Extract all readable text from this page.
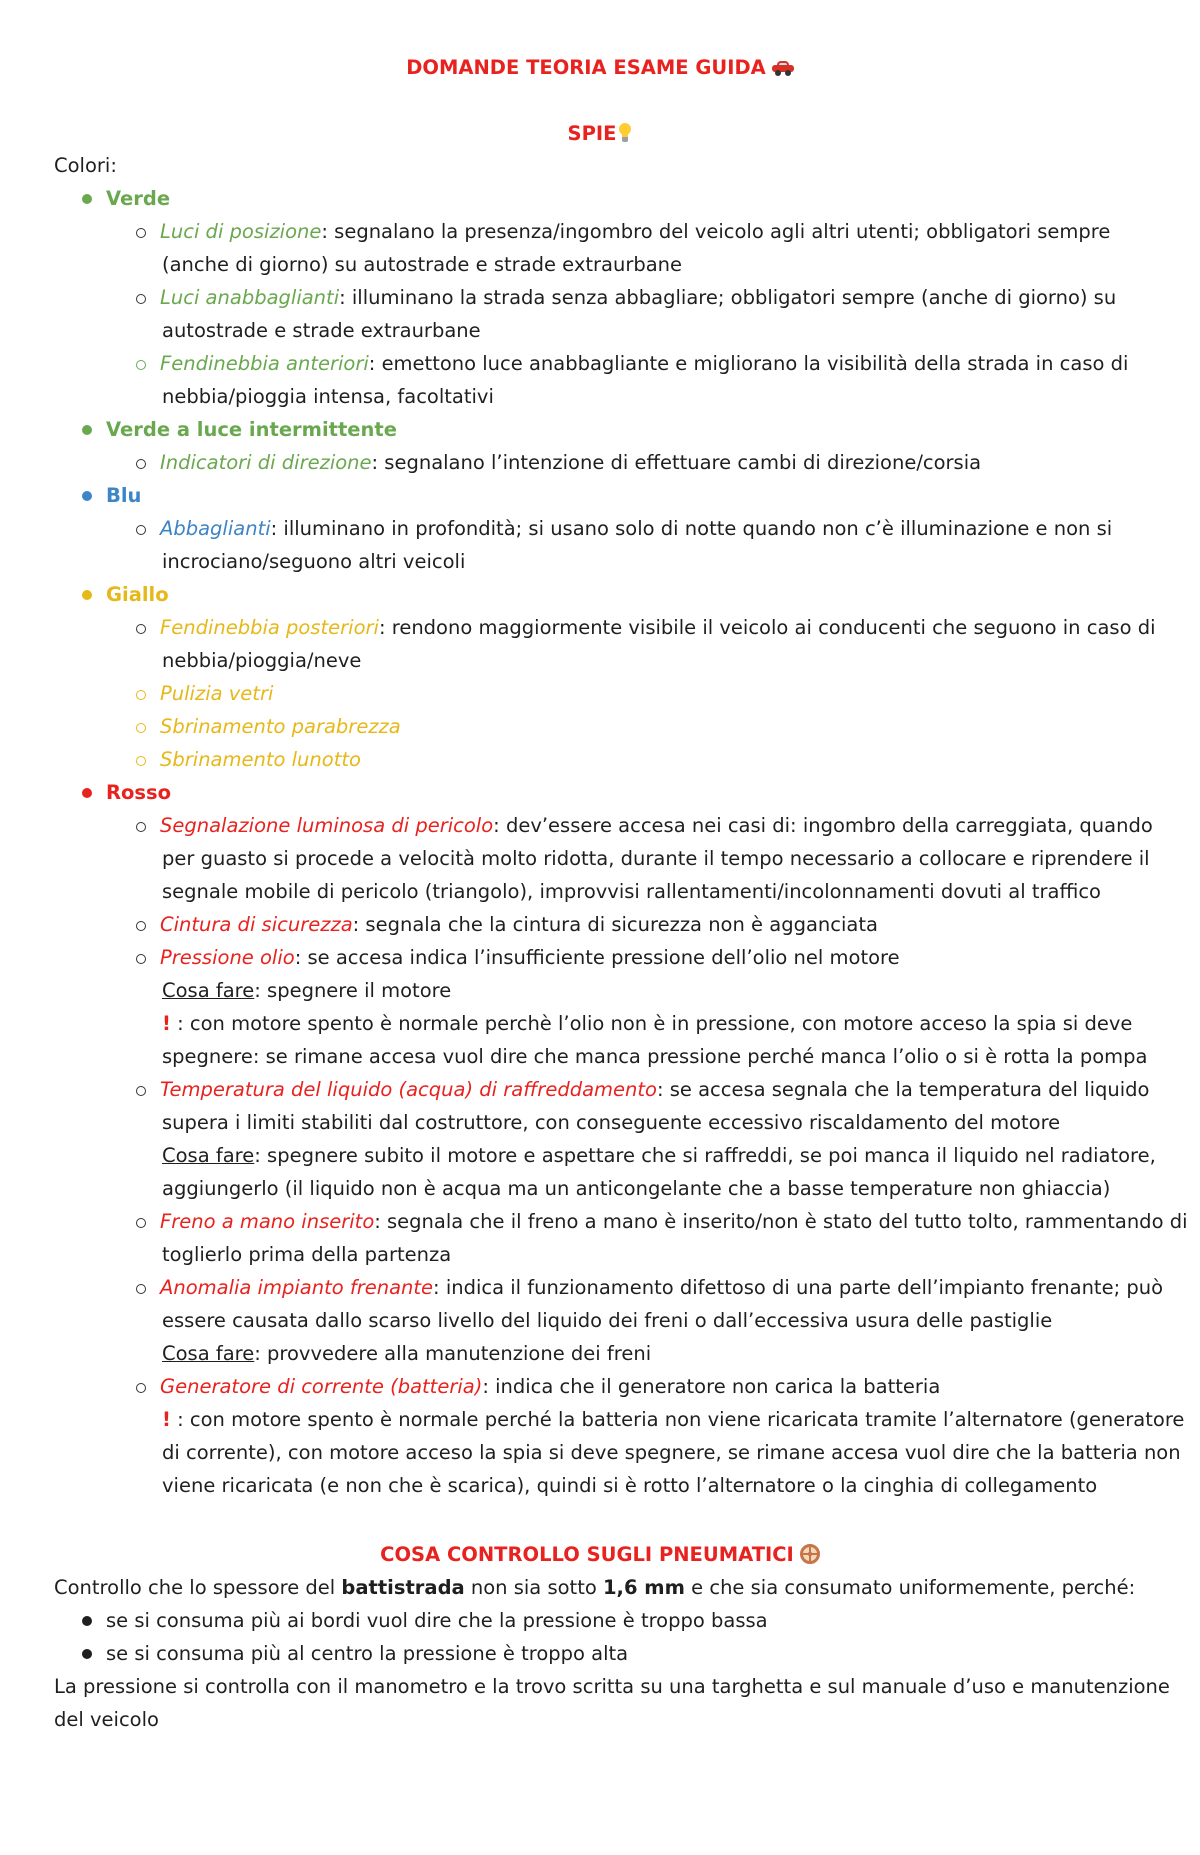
DOMANDE TEORIA ESAME GUIDA
SPIE
Colori:
Verde
Luci di posizione: segnalano la presenza/ingombro del veicolo agli altri utenti; obbligatori sempre
(anche di giorno) su autostrade e strade extraurbane
Luci anabbaglianti: illuminano la strada senza abbagliare; obbligatori sempre (anche di giorno) su
autostrade e strade extraurbane
Fendinebbia anteriori: emettono luce anabbagliante e migliorano la visibilità della strada in caso di
nebbia/pioggia intensa, facoltativi
Verde a luce intermittente
Indicatori di direzione: segnalano l’intenzione di effettuare cambi di direzione/corsia
Blu
Abbaglianti: illuminano in profondità; si usano solo di notte quando non c’è illuminazione e non si
incrociano/seguono altri veicoli
Giallo
Fendinebbia posteriori: rendono maggiormente visibile il veicolo ai conducenti che seguono in caso di
nebbia/pioggia/neve
Pulizia vetri
Sbrinamento parabrezza
Sbrinamento lunotto
Rosso
Segnalazione luminosa di pericolo: dev’essere accesa nei casi di: ingombro della carreggiata, quando
per guasto si procede a velocità molto ridotta, durante il tempo necessario a collocare e riprendere il
segnale mobile di pericolo (triangolo), improvvisi rallentamenti/incolonnamenti dovuti al traffico
Cintura di sicurezza: segnala che la cintura di sicurezza non è agganciata
Pressione olio: se accesa indica l’insufficiente pressione dell’olio nel motore
Cosa fare: spegnere il motore
! : con motore spento è normale perchè l’olio non è in pressione, con motore acceso la spia si deve
spegnere: se rimane accesa vuol dire che manca pressione perché manca l’olio o si è rotta la pompa
Temperatura del liquido (acqua) di raffreddamento: se accesa segnala che la temperatura del liquido
supera i limiti stabiliti dal costruttore, con conseguente eccessivo riscaldamento del motore
Cosa fare: spegnere subito il motore e aspettare che si raffreddi, se poi manca il liquido nel radiatore,
aggiungerlo (il liquido non è acqua ma un anticongelante che a basse temperature non ghiaccia)
Freno a mano inserito: segnala che il freno a mano è inserito/non è stato del tutto tolto, rammentando di
toglierlo prima della partenza
Anomalia impianto frenante: indica il funzionamento difettoso di una parte dell’impianto frenante; può
essere causata dallo scarso livello del liquido dei freni o dall’eccessiva usura delle pastiglie
Cosa fare: provvedere alla manutenzione dei freni
Generatore di corrente (batteria): indica che il generatore non carica la batteria
! : con motore spento è normale perché la batteria non viene ricaricata tramite l’alternatore (generatore
di corrente), con motore acceso la spia si deve spegnere, se rimane accesa vuol dire che la batteria non
viene ricaricata (e non che è scarica), quindi si è rotto l’alternatore o la cinghia di collegamento
COSA CONTROLLO SUGLI PNEUMATICI
Controllo che lo spessore del battistrada non sia sotto 1,6 mm e che sia consumato uniformemente, perché:
se si consuma più ai bordi vuol dire che la pressione è troppo bassa
se si consuma più al centro la pressione è troppo alta
La pressione si controlla con il manometro e la trovo scritta su una targhetta e sul manuale d’uso e manutenzione
del veicolo
